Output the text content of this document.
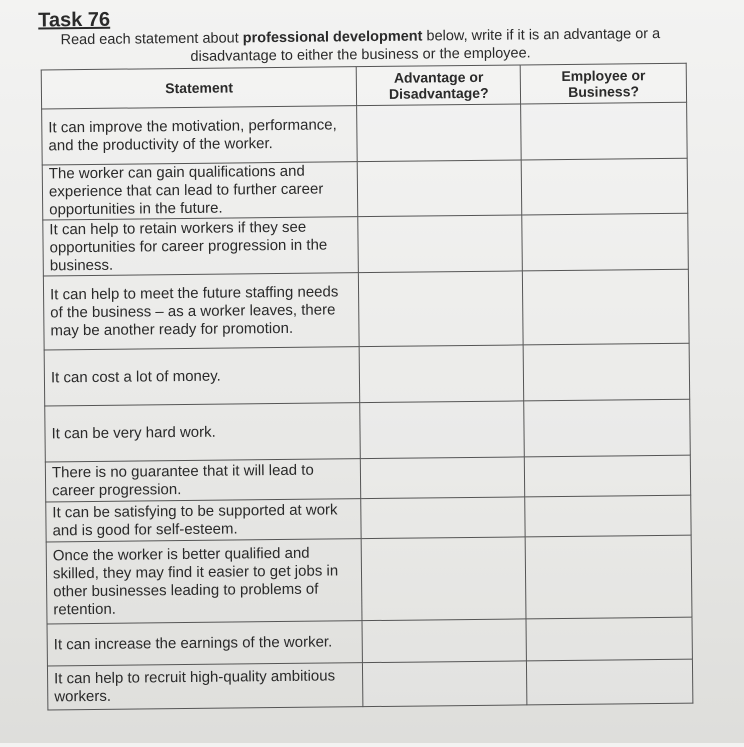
Task 76
Read each statement about professional development below, write if it is an advantage or a disadvantage to either the business or the employee.
Statement	Advantage or Disadvantage?	Employee or Business?
It can improve the motivation, performance, and the productivity of the worker.		
The worker can gain qualifications and experience that can lead to further career opportunities in the future.		
It can help to retain workers if they see opportunities for career progression in the business.		
It can help to meet the future staffing needs of the business – as a worker leaves, there may be another ready for promotion.		
It can cost a lot of money.		
It can be very hard work.		
There is no guarantee that it will lead to career progression.		
It can be satisfying to be supported at work and is good for self-esteem.		
Once the worker is better qualified and skilled, they may find it easier to get jobs in other businesses leading to problems of retention.		
It can increase the earnings of the worker.		
It can help to recruit high-quality ambitious workers.		
